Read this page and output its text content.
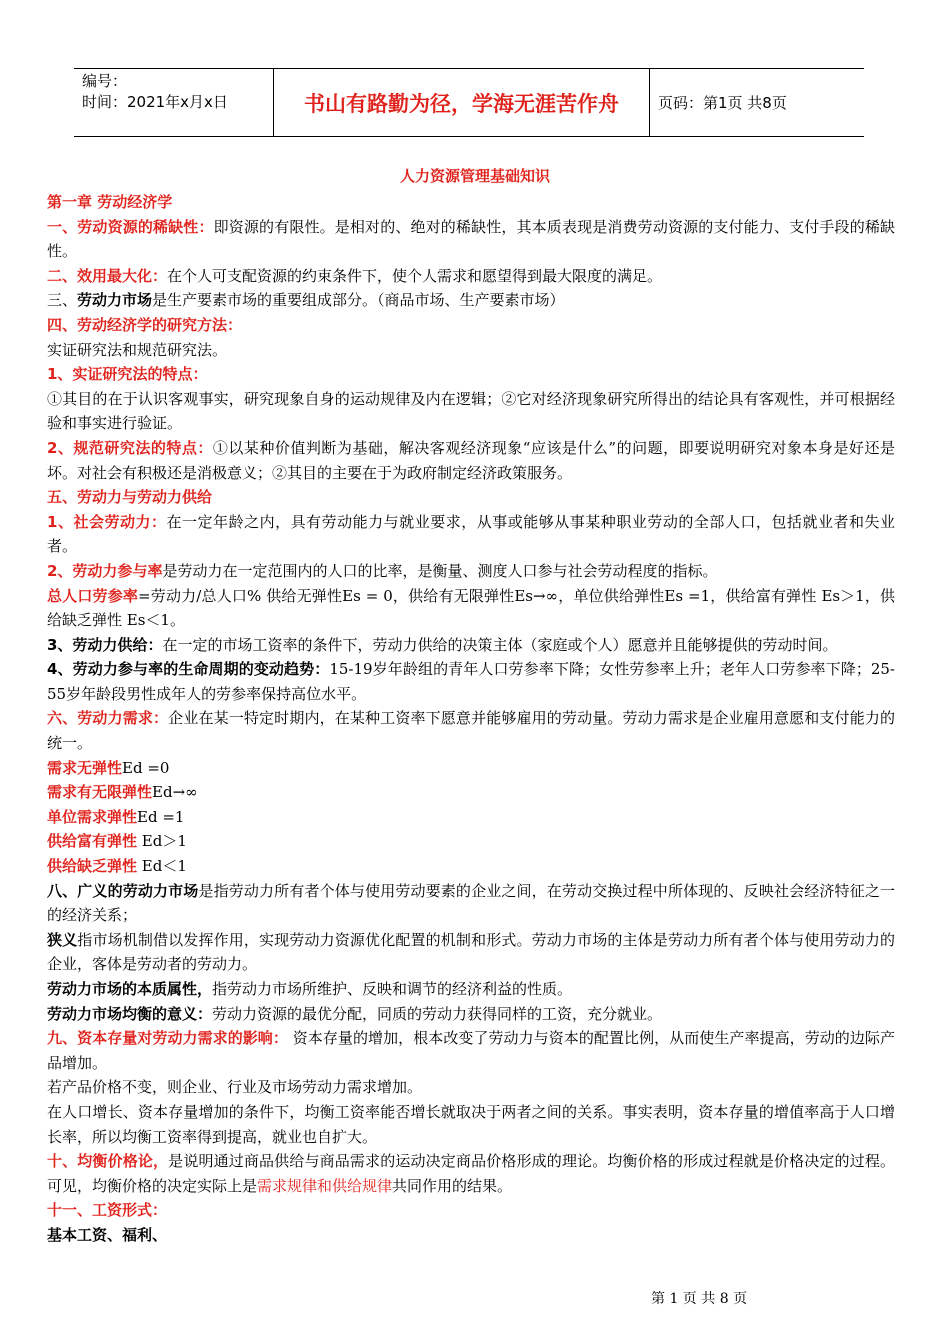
编号：
时间：2021年x月x日	书山有路勤为径，学海无涯苦作舟	页码：第1页 共8页
人力资源管理基础知识

第一章 劳动经济学

一、劳动资源的稀缺性：即资源的有限性。是相对的、绝对的稀缺性，其本质表现是消费劳动资源的支付能力、支付手段的稀缺性。

二、效用最大化：在个人可支配资源的约束条件下，使个人需求和愿望得到最大限度的满足。

三、劳动力市场是生产要素市场的重要组成部分。（商品市场、生产要素市场）

四、劳动经济学的研究方法：

实证研究法和规范研究法。

1、实证研究法的特点：

①其目的在于认识客观事实，研究现象自身的运动规律及内在逻辑；②它对经济现象研究所得出的结论具有客观性，并可根据经验和事实进行验证。

2、规范研究法的特点：①以某种价值判断为基础，解决客观经济现象“应该是什么”的问题，即要说明研究对象本身是好还是坏。对社会有积极还是消极意义；②其目的主要在于为政府制定经济政策服务。

五、劳动力与劳动力供给

1、社会劳动力：在一定年龄之内，具有劳动能力与就业要求，从事或能够从事某种职业劳动的全部人口，包括就业者和失业者。

2、劳动力参与率是劳动力在一定范围内的人口的比率，是衡量、测度人口参与社会劳动程度的指标。

总人口劳参率=劳动力/总人口% 供给无弹性Es = 0，供给有无限弹性Es→∞，单位供给弹性Es =1，供给富有弹性 Es＞1，供给缺乏弹性 Es＜1。

3、劳动力供给：在一定的市场工资率的条件下，劳动力供给的决策主体（家庭或个人）愿意并且能够提供的劳动时间。

4、劳动力参与率的生命周期的变动趋势：15-19岁年龄组的青年人口劳参率下降；女性劳参率上升；老年人口劳参率下降；25-55岁年龄段男性成年人的劳参率保持高位水平。

六、劳动力需求：企业在某一特定时期内，在某种工资率下愿意并能够雇用的劳动量。劳动力需求是企业雇用意愿和支付能力的统一。

需求无弹性Ed =0

需求有无限弹性Ed→∞

单位需求弹性Ed =1

供给富有弹性 Ed＞1

供给缺乏弹性 Ed＜1

八、广义的劳动力市场是指劳动力所有者个体与使用劳动要素的企业之间，在劳动交换过程中所体现的、反映社会经济特征之一的经济关系；

狭义指市场机制借以发挥作用，实现劳动力资源优化配置的机制和形式。劳动力市场的主体是劳动力所有者个体与使用劳动力的企业，客体是劳动者的劳动力。

劳动力市场的本质属性，指劳动力市场所维护、反映和调节的经济利益的性质。

劳动力市场均衡的意义：劳动力资源的最优分配，同质的劳动力获得同样的工资，充分就业。

九、资本存量对劳动力需求的影响： 资本存量的增加，根本改变了劳动力与资本的配置比例，从而使生产率提高，劳动的边际产品增加。

若产品价格不变，则企业、行业及市场劳动力需求增加。

在人口增长、资本存量增加的条件下，均衡工资率能否增长就取决于两者之间的关系。事实表明，资本存量的增值率高于人口增长率，所以均衡工资率得到提高，就业也自扩大。

十、均衡价格论，是说明通过商品供给与商品需求的运动决定商品价格形成的理论。均衡价格的形成过程就是价格决定的过程。可见，均衡价格的决定实际上是需求规律和供给规律共同作用的结果。

十一、工资形式：

基本工资、福利、

第 1 页 共 8 页
